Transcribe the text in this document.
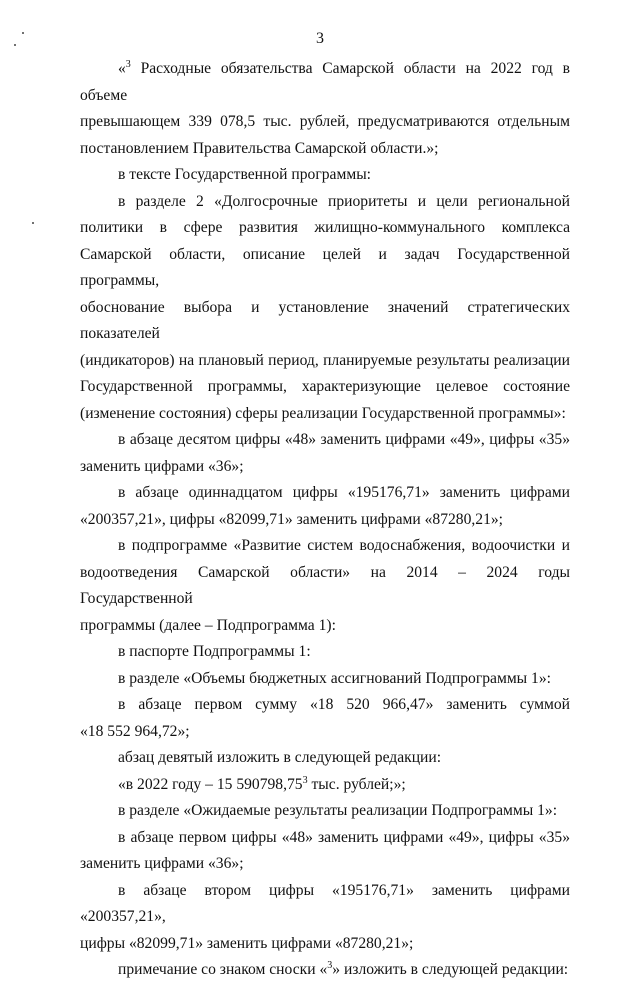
3
«$^3$ Расходные обязательства Самарской области на 2022 год в объеме
превышающем 339 078,5 тыс. рублей, предусматриваются отдельным
постановлением Правительства Самарской области.»;
в тексте Государственной программы:
в разделе 2 «Долгосрочные приоритеты и цели региональной
политики в сфере развития жилищно-коммунального комплекса
Самарской области, описание целей и задач Государственной программы,
обоснование выбора и установление значений стратегических показателей
(индикаторов) на плановый период, планируемые результаты реализации
Государственной программы, характеризующие целевое состояние
(изменение состояния) сферы реализации Государственной программы»:
в абзаце десятом цифры «48» заменить цифрами «49», цифры «35»
заменить цифрами «36»;
в абзаце одиннадцатом цифры «195176,71» заменить цифрами
«200357,21», цифры «82099,71» заменить цифрами «87280,21»;
в подпрограмме «Развитие систем водоснабжения, водоочистки и
водоотведения Самарской области» на 2014 – 2024 годы Государственной
программы (далее – Подпрограмма 1):
в паспорте Подпрограммы 1:
в разделе «Объемы бюджетных ассигнований Подпрограммы 1»:
в абзаце первом сумму «18 520 966,47» заменить суммой
«18 552 964,72»;
абзац девятый изложить в следующей редакции:
«в 2022 году – 15 590798,75$^3$ тыс. рублей;»;
в разделе «Ожидаемые результаты реализации Подпрограммы 1»:
в абзаце первом цифры «48» заменить цифрами «49», цифры «35»
заменить цифрами «36»;
в абзаце втором цифры «195176,71» заменить цифрами «200357,21»,
цифры «82099,71» заменить цифрами «87280,21»;
примечание со знаком сноски «$^3$» изложить в следующей редакции:
